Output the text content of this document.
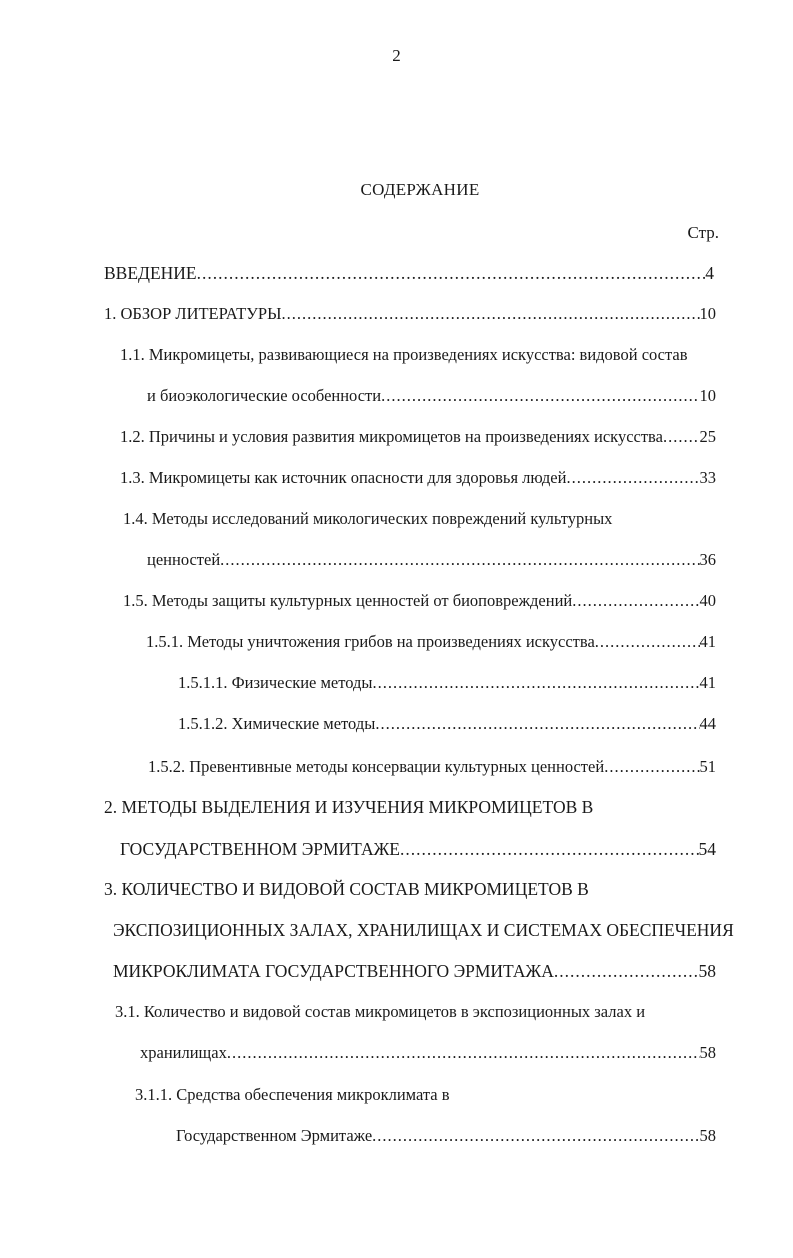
2
СОДЕРЖАНИЕ
Стр.
ВВЕДЕНИЕ .....	4
1. ОБЗОР ЛИТЕРАТУРЫ .....	10
1.1. Микромицеты, развивающиеся на произведениях искусства: видовой состав
и биоэкологические особенности .....	10
1.2. Причины и условия развития микромицетов на произведениях искусства ..... 25
1.3. Микромицеты как источник опасности для здоровья людей .....	33
1.4. Методы исследований микологических повреждений культурных
ценностей .....	36
1.5. Методы защиты культурных ценностей от биоповреждений .....	40
1.5.1. Методы уничтожения грибов на произведениях искусства .....	41
1.5.1.1. Физические методы .....	41
1.5.1.2. Химические методы .....	44
1.5.2. Превентивные методы консервации культурных ценностей .....	51
2. МЕТОДЫ ВЫДЕЛЕНИЯ И ИЗУЧЕНИЯ МИКРОМИЦЕТОВ В
ГОСУДАРСТВЕННОМ ЭРМИТАЖЕ .....	54
3. КОЛИЧЕСТВО И ВИДОВОЙ СОСТАВ МИКРОМИЦЕТОВ В
ЭКСПОЗИЦИОННЫХ ЗАЛАХ, ХРАНИЛИЩАХ И СИСТЕМАХ ОБЕСПЕЧЕНИЯ
МИКРОКЛИМАТА ГОСУДАРСТВЕННОГО ЭРМИТАЖА .....	58
3.1. Количество и видовой состав микромицетов в экспозиционных залах и
хранилищах .....	58
3.1.1. Средства обеспечения микроклимата в
Государственном Эрмитаже .....	58
